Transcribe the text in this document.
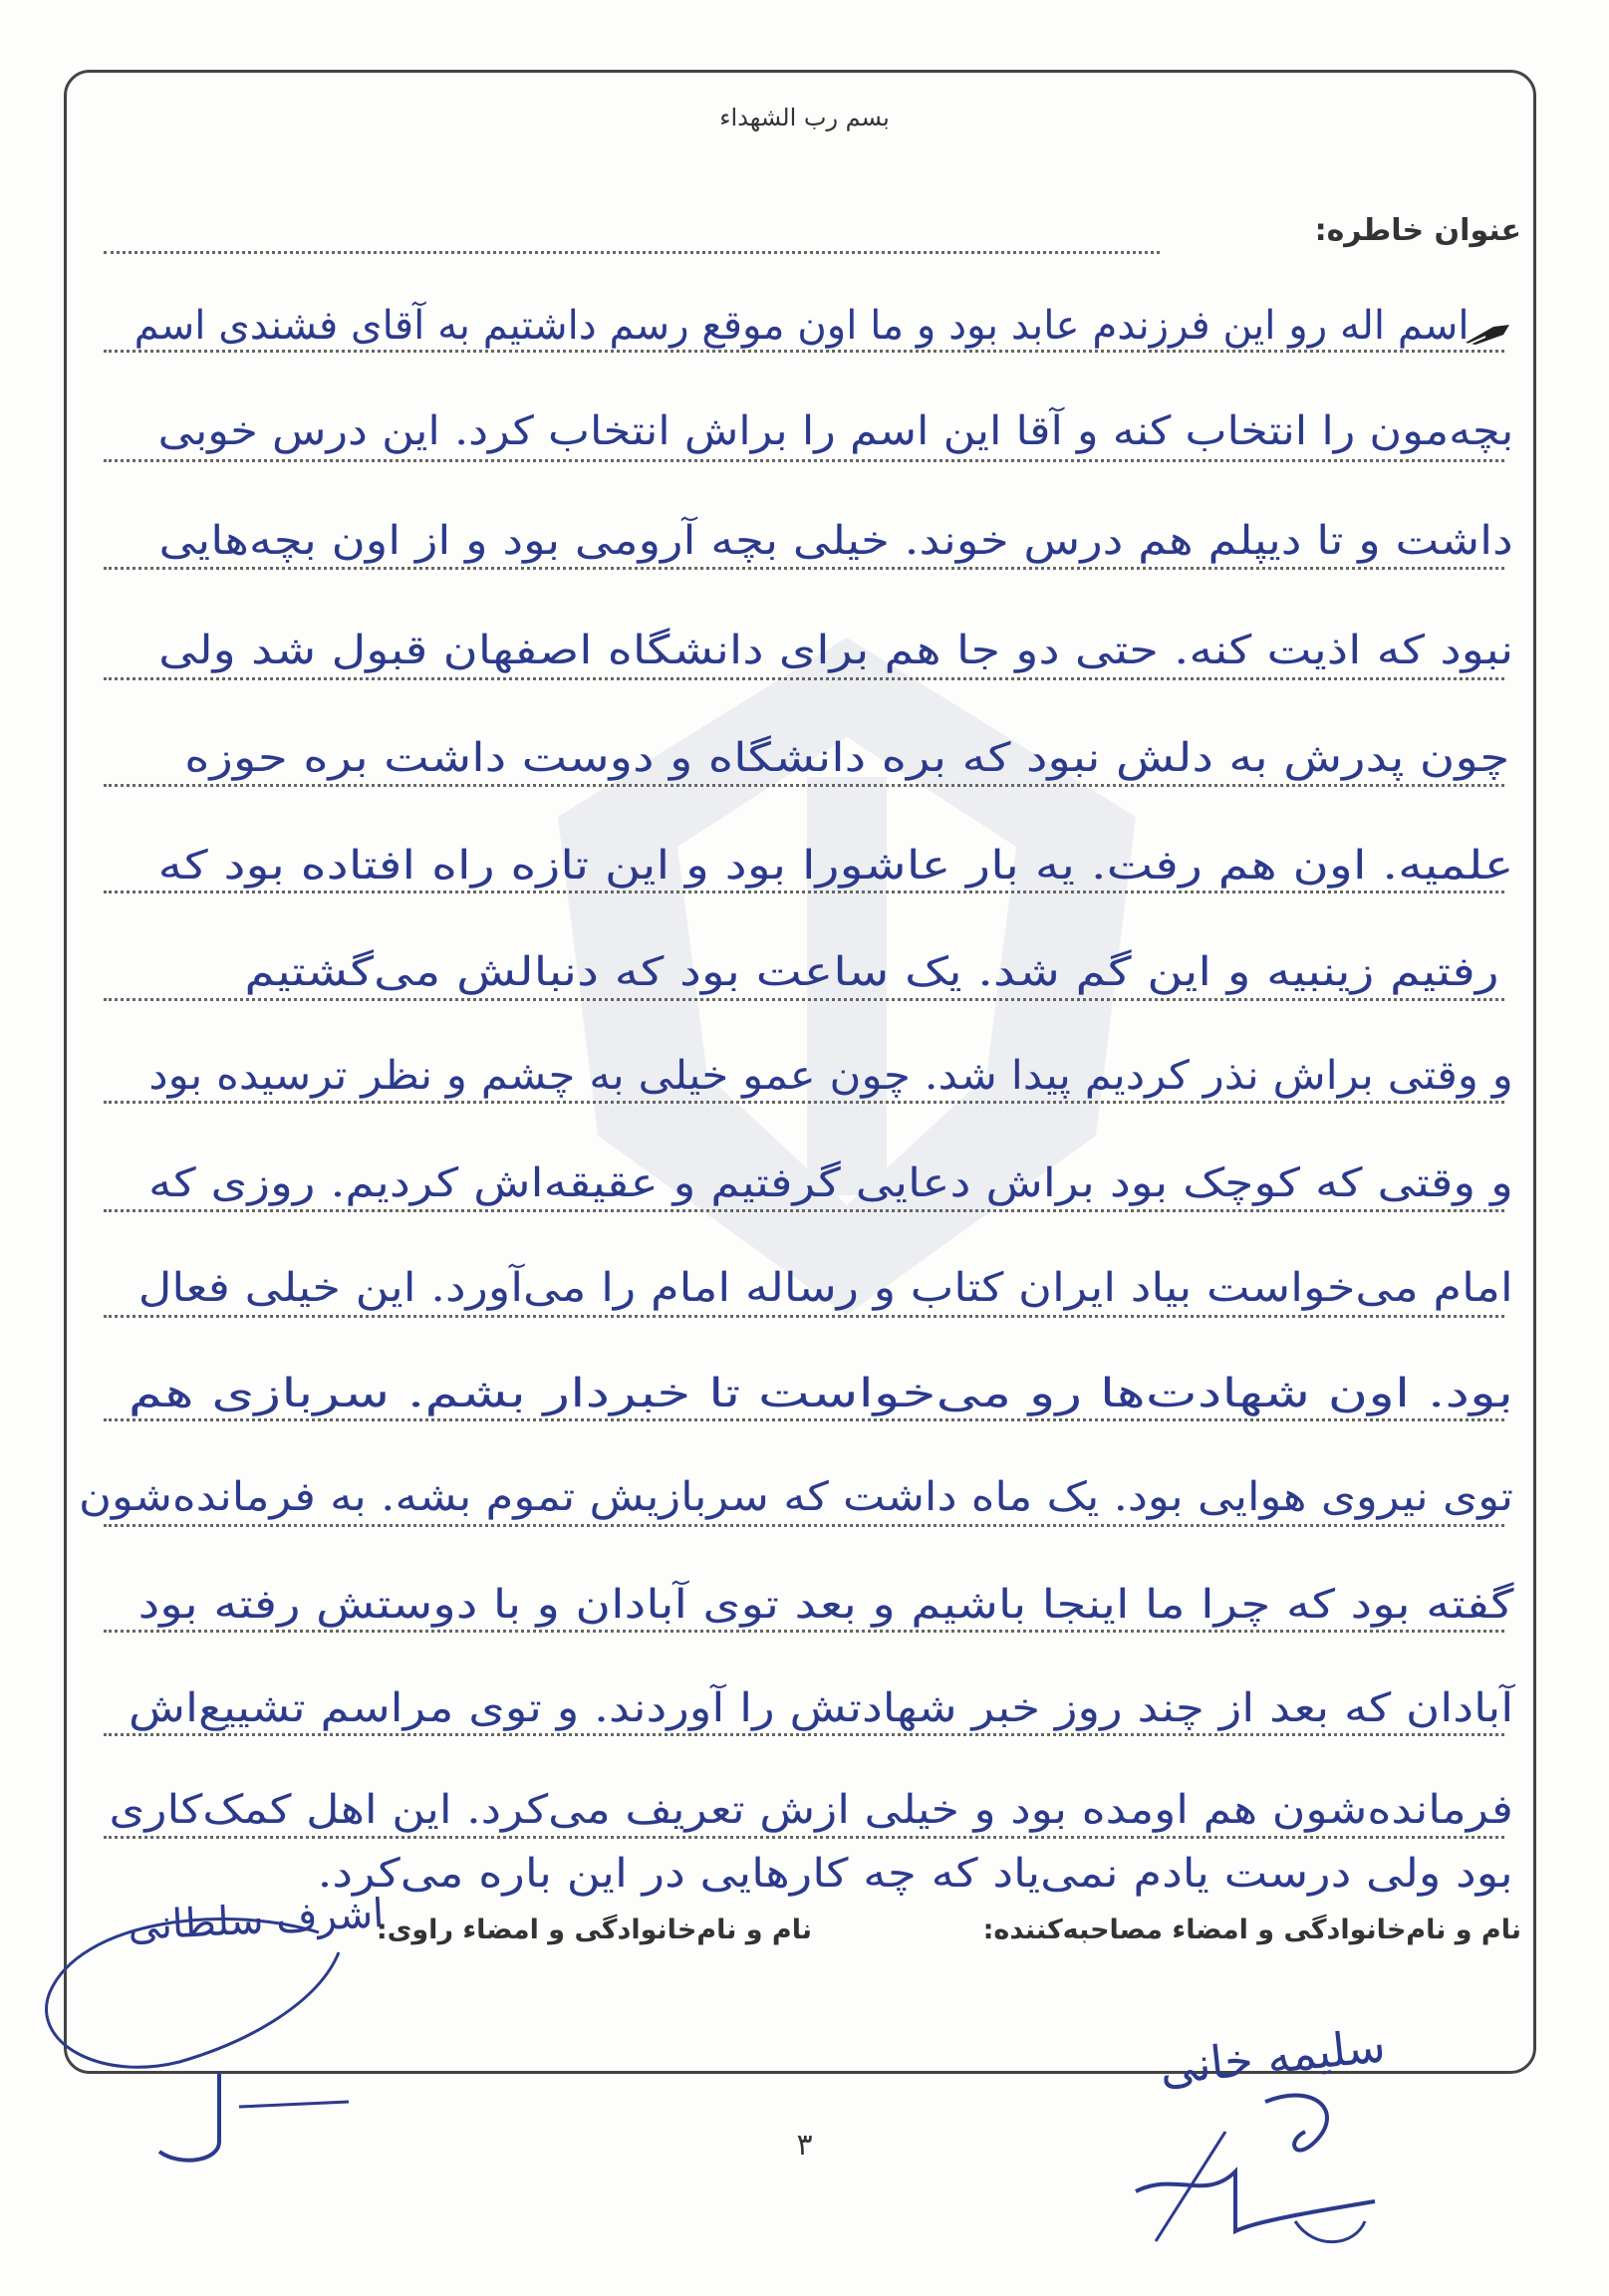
بسم رب الشهداء
عنوان خاطره:
اسم اله رو این فرزندم عابد بود و ما اون موقع رسم داشتیم به آقای فشندی اسم
بچه‌مون را انتخاب کنه و آقا این اسم را براش انتخاب کرد. این درس خوبی
داشت و تا دیپلم هم درس خوند. خیلی بچه آرومی بود و از اون بچه‌هایی
نبود که اذیت کنه. حتی دو جا هم برای دانشگاه اصفهان قبول شد ولی
چون پدرش به دلش نبود که بره دانشگاه و دوست داشت بره حوزه
علمیه. اون هم رفت. یه بار عاشورا بود و این تازه راه افتاده بود که
رفتیم زینبیه و این گم شد. یک ساعت بود که دنبالش می‌گشتیم
و وقتی براش نذر کردیم پیدا شد. چون عمو خیلی به چشم و نظر ترسیده بود
و وقتی که کوچک بود براش دعایی گرفتیم و عقیقه‌اش کردیم. روزی که
امام می‌خواست بیاد ایران کتاب و رساله امام را می‌آورد. این خیلی فعال
بود. اون شهادت‌ها رو می‌خواست تا خبردار بشم. سربازی هم
توی نیروی هوایی بود. یک ماه داشت که سربازیش تموم بشه. به فرمانده‌شون
گفته بود که چرا ما اینجا باشیم و بعد توی آبادان و با دوستش رفته بود
آبادان که بعد از چند روز خبر شهادتش را آوردند. و توی مراسم تشییع‌اش
فرمانده‌شون هم اومده بود و خیلی ازش تعریف می‌کرد. این اهل کمک‌کاری
بود ولی درست یادم نمی‌یاد که چه کارهایی در این باره می‌کرد.
نام و نام‌خانوادگی و امضاء مصاحبه‌کننده:
نام و نام‌خانوادگی و امضاء راوی:
اشرف سلطانی
سلیمه خانی
۳
